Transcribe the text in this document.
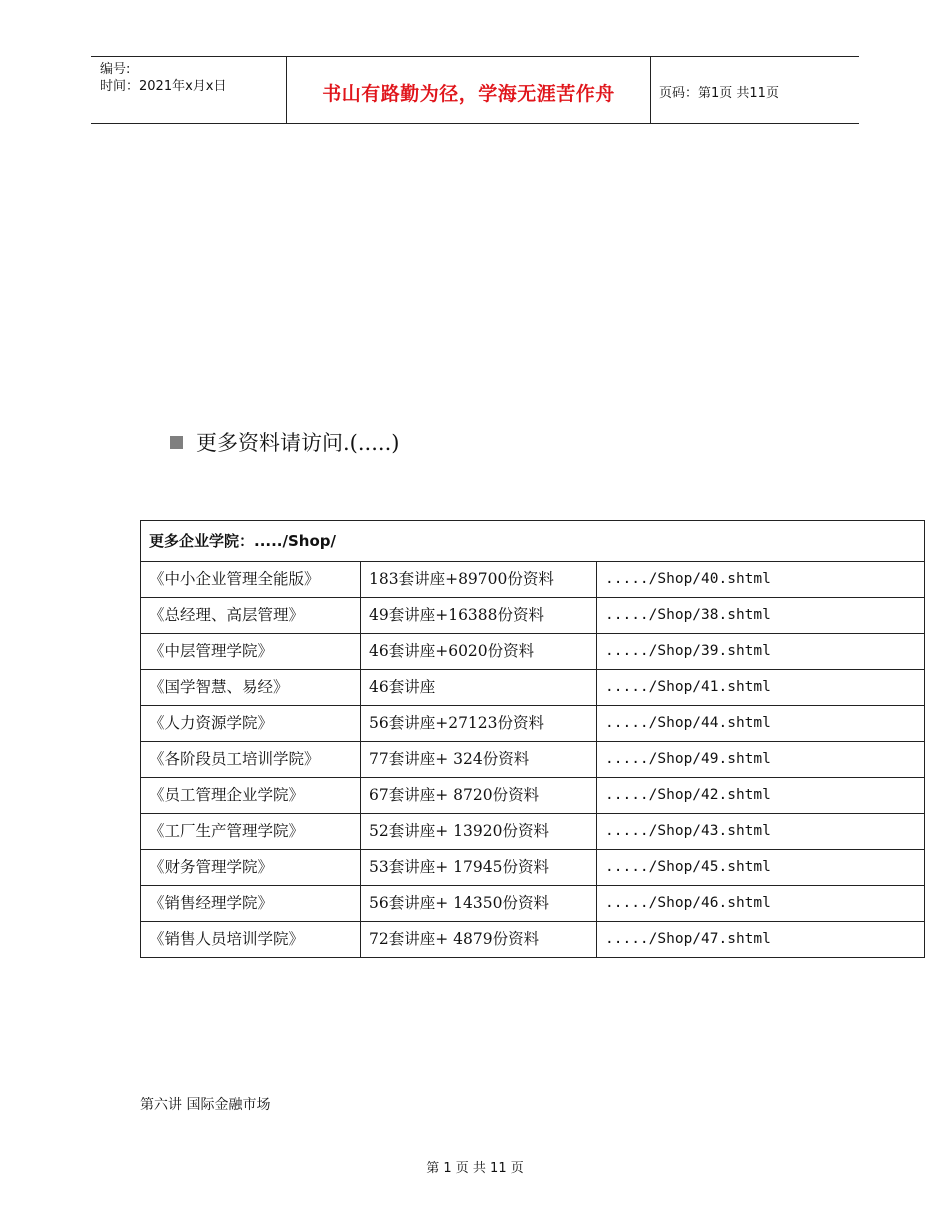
编号:
时间：2021年x月x日	书山有路勤为径，学海无涯苦作舟	页码：第1页 共11页
更多资料请访问.(.....)
更多企业学院：...../Shop/		
《中小企业管理全能版》	183套讲座+89700份资料	...../Shop/40.shtml
《总经理、高层管理》	49套讲座+16388份资料	...../Shop/38.shtml
《中层管理学院》	46套讲座+6020份资料	...../Shop/39.shtml
《国学智慧、易经》	46套讲座	...../Shop/41.shtml
《人力资源学院》	56套讲座+27123份资料	...../Shop/44.shtml
《各阶段员工培训学院》	77套讲座+ 324份资料	...../Shop/49.shtml
《员工管理企业学院》	67套讲座+ 8720份资料	...../Shop/42.shtml
《工厂生产管理学院》	52套讲座+ 13920份资料	...../Shop/43.shtml
《财务管理学院》	53套讲座+ 17945份资料	...../Shop/45.shtml
《销售经理学院》	56套讲座+ 14350份资料	...../Shop/46.shtml
《销售人员培训学院》	72套讲座+ 4879份资料	...../Shop/47.shtml
第六讲 国际金融市场
第 1 页 共 11 页
